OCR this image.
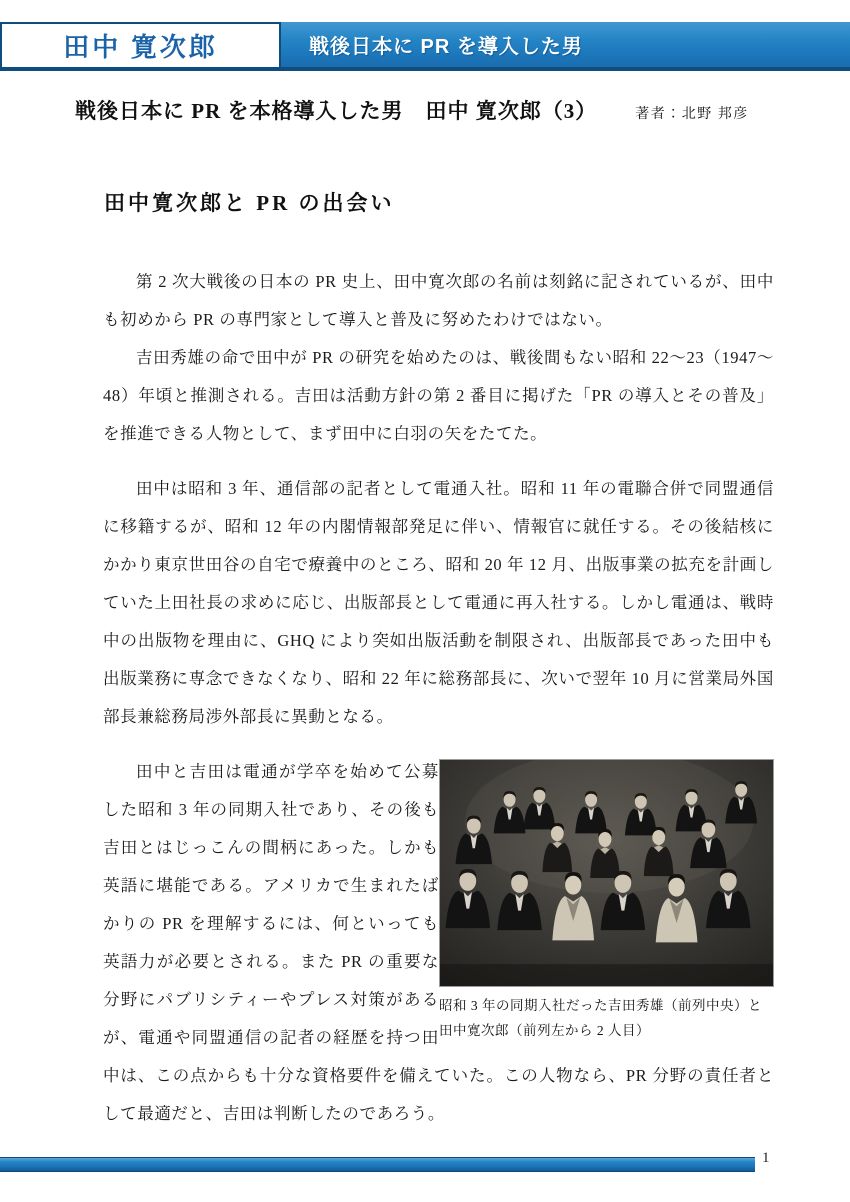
田中 寛次郎	戦後日本に PR を導入した男
戦後日本に PR を本格導入した男　田中 寛次郎（3）	著者：北野 邦彦
田中寛次郎と PR の出会い

第 2 次大戦後の日本の PR 史上、田中寛次郎の名前は刻銘に記されているが、田中も初めから PR の専門家として導入と普及に努めたわけではない。

吉田秀雄の命で田中が PR の研究を始めたのは、戦後間もない昭和 22～23（1947～48）年頃と推測される。吉田は活動方針の第 2 番目に掲げた「PR の導入とその普及」を推進できる人物として、まず田中に白羽の矢をたてた。

田中は昭和 3 年、通信部の記者として電通入社。昭和 11 年の電聯合併で同盟通信に移籍するが、昭和 12 年の内閣情報部発足に伴い、情報官に就任する。その後結核にかかり東京世田谷の自宅で療養中のところ、昭和 20 年 12 月、出版事業の拡充を計画していた上田社長の求めに応じ、出版部長として電通に再入社する。しかし電通は、戦時中の出版物を理由に、GHQ により突如出版活動を制限され、出版部長であった田中も出版業務に専念できなくなり、昭和 22 年に総務部長に、次いで翌年 10 月に営業局外国部長兼総務局渉外部長に異動となる。

昭和 3 年の同期入社だった吉田秀雄（前列中央）と田中寛次郎（前列左から 2 人目）

田中と吉田は電通が学卒を始めて公募した昭和 3 年の同期入社であり、その後も吉田とはじっこんの間柄にあった。しかも英語に堪能である。アメリカで生まれたばかりの PR を理解するには、何といっても英語力が必要とされる。また PR の重要な分野にパブリシティーやプレス対策があるが、電通や同盟通信の記者の経歴を持つ田中は、この点からも十分な資格要件を備えていた。この人物なら、PR 分野の責任者として最適だと、吉田は判断したのであろう。

1
